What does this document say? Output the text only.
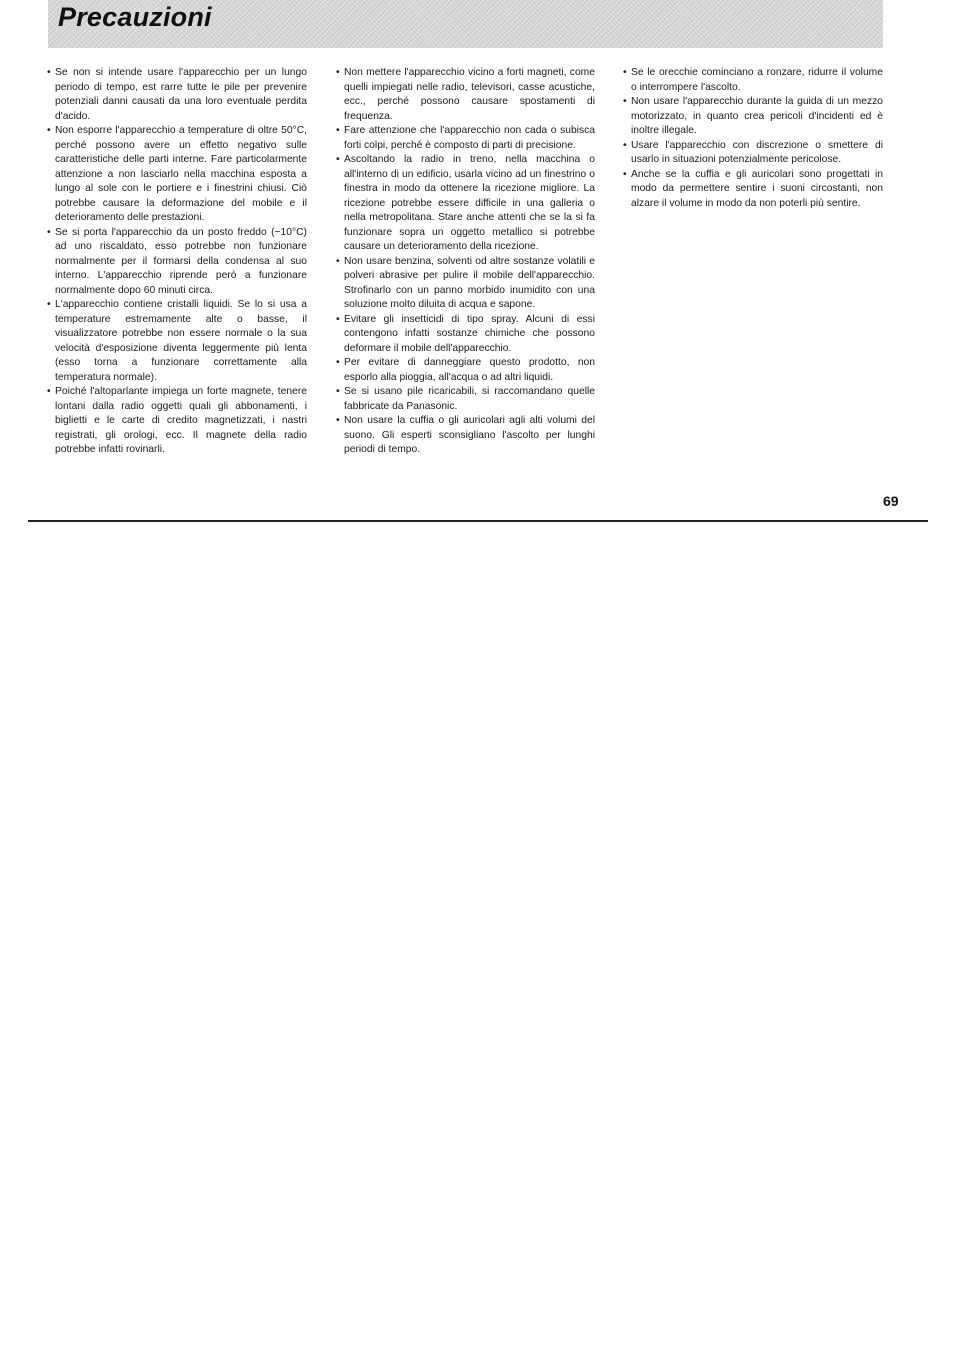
Precauzioni

• Se non si intende usare l'apparecchio per un lungo periodo di tempo, est rarre tutte le pile per prevenire potenziali danni causati da una loro eventuale perdita d'acido.

• Non esporre l'apparecchio a temperature di oltre 50°C, perché possono avere un effetto negativo sulle caratteristiche delle parti interne. Fare particolarmente attenzione a non lasciarlo nella macchina esposta a lungo al sole con le portiere e i finestrini chiusi. Ciò potrebbe causare la deformazione del mobile e il deterioramento delle prestazioni.

• Se si porta l'apparecchio da un posto freddo (−10°C) ad uno riscaldato, esso potrebbe non funzionare normalmente per il formarsi della condensa al suo interno. L'apparecchio riprende però a funzionare normalmente dopo 60 minuti circa.

• L'apparecchio contiene cristalli liquidi. Se lo si usa a temperature estremamente alte o basse, il visualizzatore potrebbe non essere normale o la sua velocità d'esposizione diventa leggermente più lenta (esso torna a funzionare correttamente alla temperatura normale).

• Poiché l'altoparlante impiega un forte magnete, tenere lontani dalla radio oggetti quali gli abbonamenti, i biglietti e le carte di credito magnetizzati, i nastri registrati, gli orologi, ecc. Il magnete della radio potrebbe infatti rovinarli.

• Non mettere l'apparecchio vicino a forti magneti, come quelli impiegati nelle radio, televisori, casse acustiche, ecc., perché possono causare spostamenti di frequenza.

• Fare attenzione che l'apparecchio non cada o subisca forti colpi, perché è composto di parti di precisione.

• Ascoltando la radio in treno, nella macchina o all'interno di un edificio, usarla vicino ad un finestrino o finestra in modo da ottenere la ricezione migliore. La ricezione potrebbe essere difficile in una galleria o nella metropolitana. Stare anche attenti che se la si fa funzionare sopra un oggetto metallico si potrebbe causare un deterioramento della ricezione.

• Non usare benzina, solventi od altre sostanze volatili e polveri abrasive per pulire il mobile dell'apparecchio. Strofinarlo con un panno morbido inumidito con una soluzione molto diluita di acqua e sapone.

• Evitare gli insetticidi di tipo spray. Alcuni di essi contengono infatti sostanze chimiche che possono deformare il mobile dell'apparecchio.

• Per evitare di danneggiare questo prodotto, non esporlo alla pioggia, all'acqua o ad altri liquidi.

• Se si usano pile ricaricabili, si raccomandano quelle fabbricate da Panasonic.

• Non usare la cuffia o gli auricolari agli alti volumi del suono. Gli esperti sconsigliano l'ascolto per lunghi periodi di tempo.

• Se le orecchie cominciano a ronzare, ridurre il volume o interrompere l'ascolto.

• Non usare l'apparecchio durante la guida di un mezzo motorizzato, in quanto crea pericoli d'incidenti ed è inoltre illegale.

• Usare l'apparecchio con discrezione o smettere di usarlo in situazioni potenzialmente pericolose.

• Anche se la cuffia e gli auricolari sono progettati in modo da permettere sentire i suoni circostanti, non alzare il volume in modo da non poterli più sentire.

69
